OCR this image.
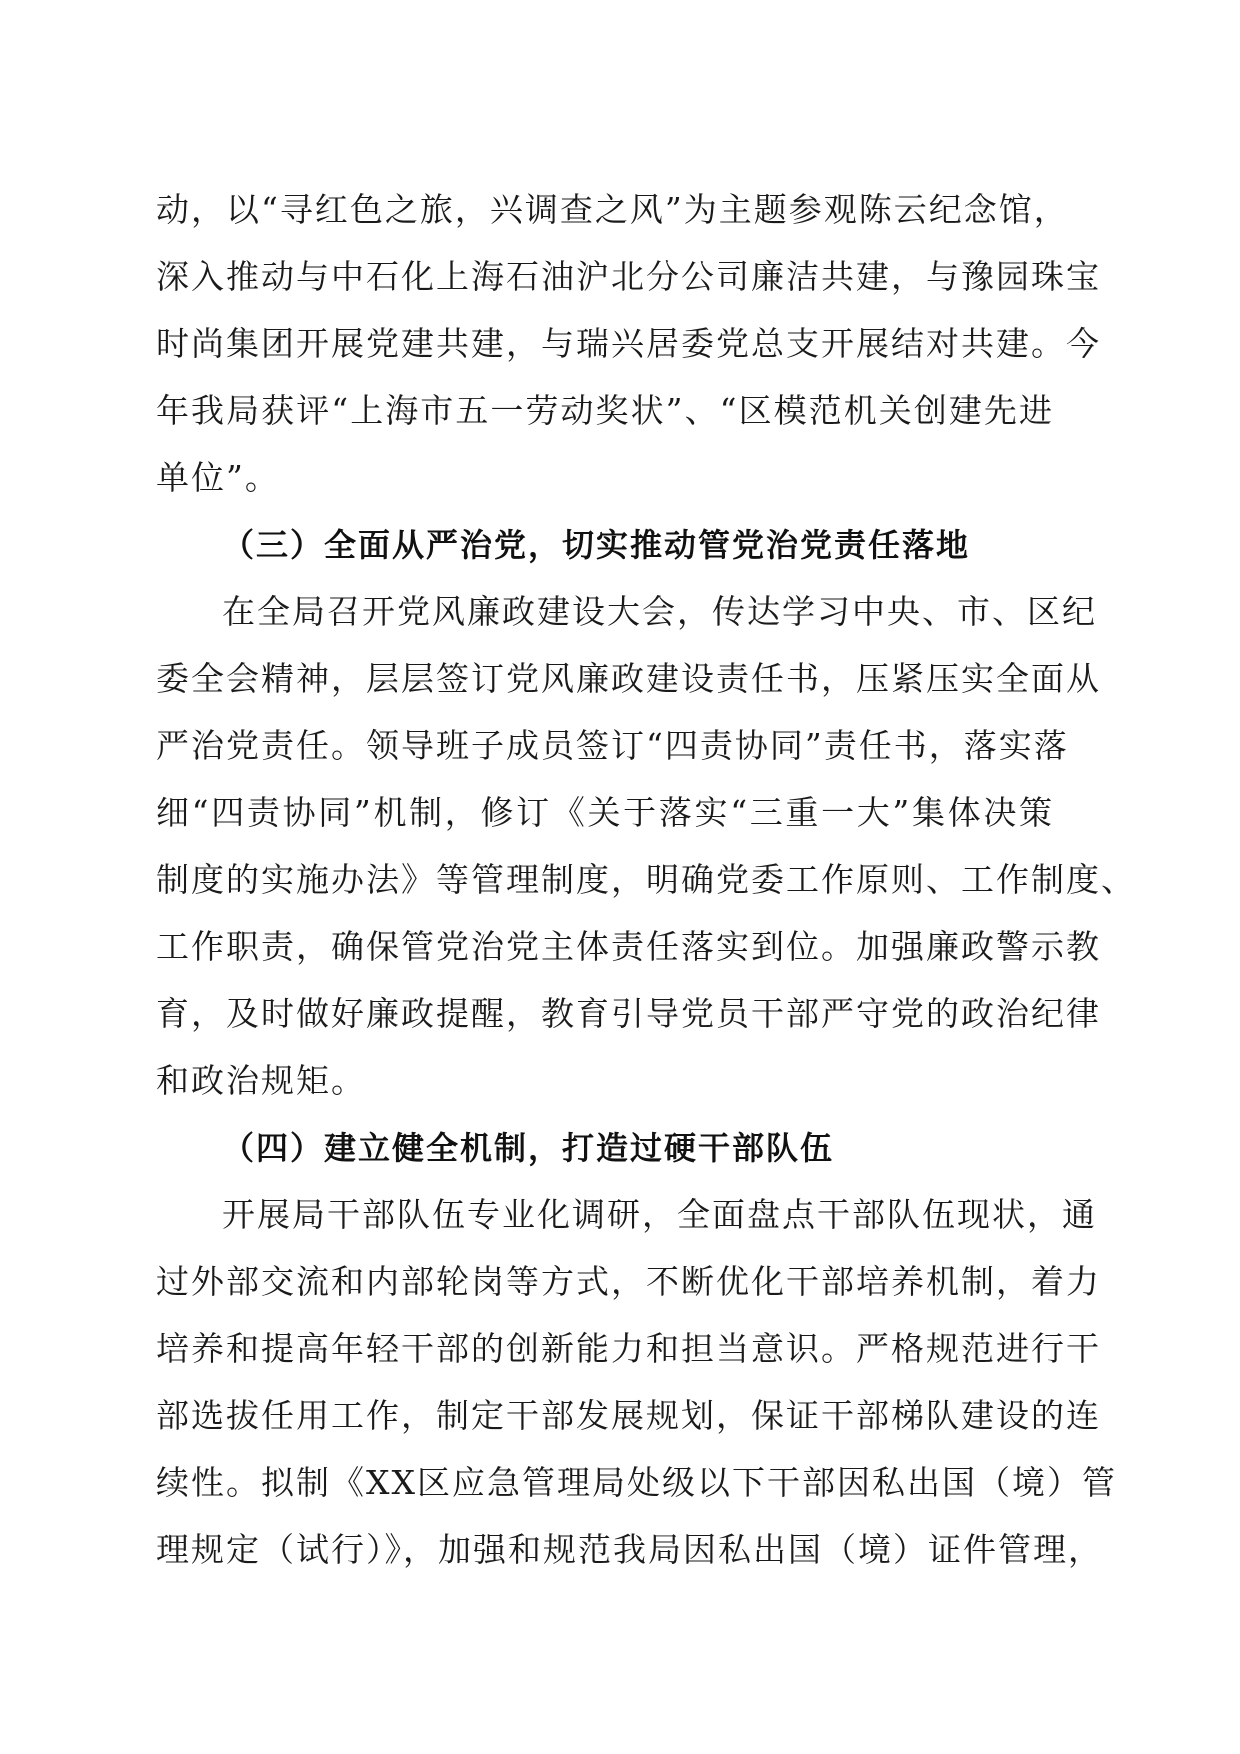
动，以“寻红色之旅，兴调查之风”为主题参观陈云纪念馆，
深入推动与中石化上海石油沪北分公司廉洁共建，与豫园珠宝
时尚集团开展党建共建，与瑞兴居委党总支开展结对共建。今
年我局获评“上海市五一劳动奖状”、“区模范机关创建先进
单位”。
（三）全面从严治党，切实推动管党治党责任落地
在全局召开党风廉政建设大会，传达学习中央、市、区纪
委全会精神，层层签订党风廉政建设责任书，压紧压实全面从
严治党责任。领导班子成员签订“四责协同”责任书，落实落
细“四责协同”机制，修订《关于落实“三重一大”集体决策
制度的实施办法》等管理制度，明确党委工作原则、工作制度、
工作职责，确保管党治党主体责任落实到位。加强廉政警示教
育，及时做好廉政提醒，教育引导党员干部严守党的政治纪律
和政治规矩。
（四）建立健全机制，打造过硬干部队伍
开展局干部队伍专业化调研，全面盘点干部队伍现状，通
过外部交流和内部轮岗等方式，不断优化干部培养机制，着力
培养和提高年轻干部的创新能力和担当意识。严格规范进行干
部选拔任用工作，制定干部发展规划，保证干部梯队建设的连
续性。拟制《XX区应急管理局处级以下干部因私出国（境）管
理规定（试行）》，加强和规范我局因私出国（境）证件管理，
